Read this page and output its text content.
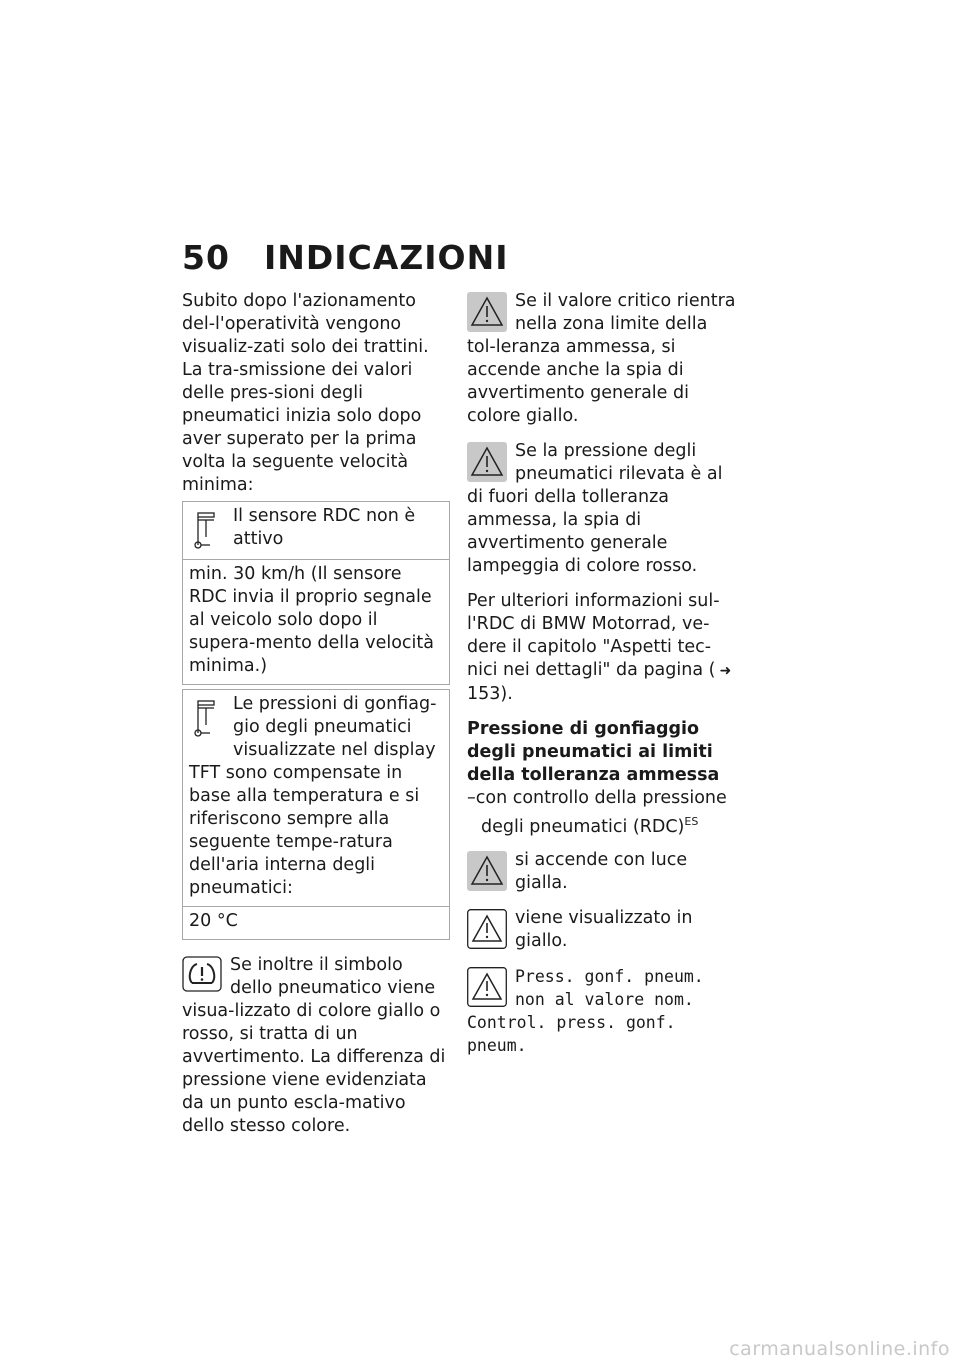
50	INDICAZIONI

Subito dopo l'azionamento del-l'operatività vengono visualiz-zati solo dei trattini. La tra-smissione dei valori delle pres-sioni degli pneumatici inizia solo dopo aver superato per la prima volta la seguente velocità minima:

Il sensore RDC non è attivo
min. 30 km/h (Il sensore RDC invia il proprio segnale al veicolo solo dopo il supera-mento della velocità minima.)
Le pressioni di gonfiag-gio degli pneumatici visualizzate nel display TFT sono compensate in base alla temperatura e si riferiscono sempre alla seguente tempe-ratura dell'aria interna degli pneumatici:
20 °C

Se inoltre il simbolo dello pneumatico viene visua-lizzato di colore giallo o rosso, si tratta di un avvertimento. La differenza di pressione viene evidenziata da un punto escla-mativo dello stesso colore.

Se il valore critico rientra nella zona limite della tol-leranza ammessa, si accende anche la spia di avvertimento generale di colore giallo.

Se la pressione degli pneumatici rilevata è al di fuori della tolleranza ammessa, la spia di avvertimento generale lampeggia di colore rosso.

Per ulteriori informazioni sul-l'RDC di BMW Motorrad, ve-dere il capitolo "Aspetti tec-nici nei dettagli" da pagina ( ➜ 153).

Pressione di gonfiaggio degli pneumatici ai limiti della tolleranza ammessa

–con controllo della pressione degli pneumatici (RDC)$^{ES}$

si accende con luce gialla.

viene visualizzato in giallo.

Press. gonf. pneum. non al valore nom. Control. press. gonf. pneum.

carmanualsonline.info
